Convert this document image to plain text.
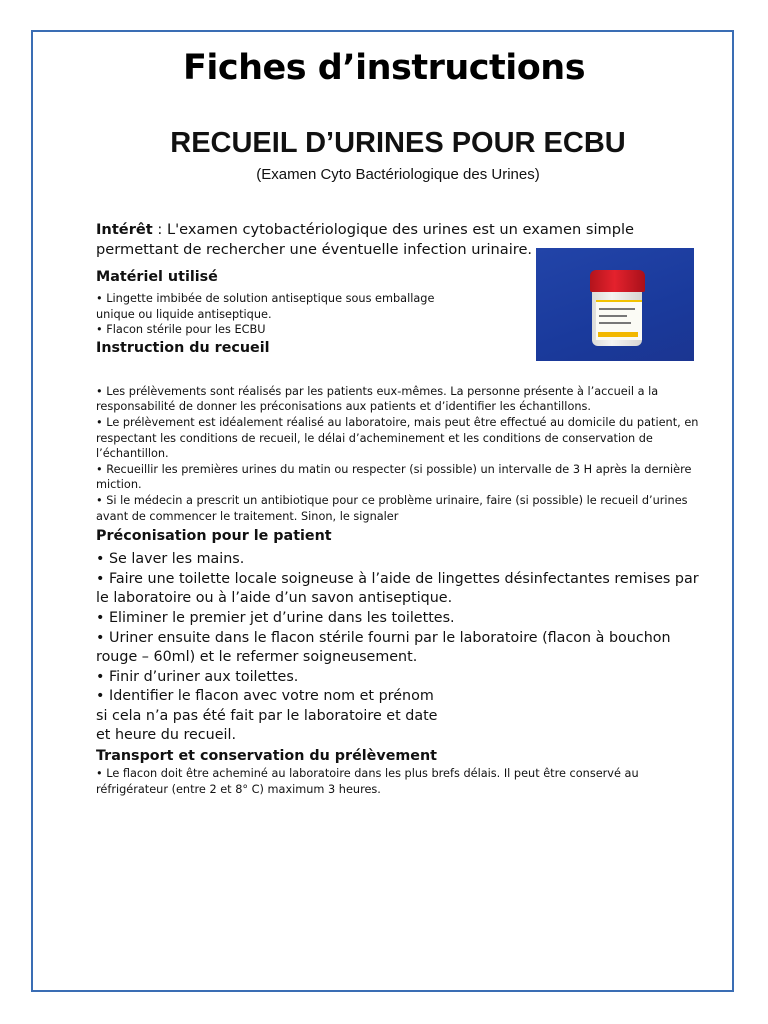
Fiches d’instructions
RECUEIL D’URINES POUR ECBU
(Examen Cyto Bactériologique des Urines)

Intérêt : L'examen cytobactériologique des urines est un examen simple permettant de rechercher une éventuelle infection urinaire.

Matériel utilisé

• Lingette imbibée de solution antiseptique sous emballage unique ou liquide antiseptique.

• Flacon stérile pour les ECBU

Instruction du recueil

• Les prélèvements sont réalisés par les patients eux-mêmes. La personne présente à l’accueil a la responsabilité de donner les préconisations aux patients et d’identifier les échantillons.

• Le prélèvement est idéalement réalisé au laboratoire, mais peut être effectué au domicile du patient, en respectant les conditions de recueil, le délai d’acheminement et les conditions de conservation de l’échantillon.

• Recueillir les premières urines du matin ou respecter (si possible) un intervalle de 3 H après la dernière miction.

• Si le médecin a prescrit un antibiotique pour ce problème urinaire, faire (si possible) le recueil d’urines avant de commencer le traitement. Sinon, le signaler

Préconisation pour le patient

• Se laver les mains.

• Faire une toilette locale soigneuse à l’aide de lingettes désinfectantes remises par le laboratoire ou à l’aide d’un savon antiseptique.

• Eliminer le premier jet d’urine dans les toilettes.

• Uriner ensuite dans le flacon stérile fourni par le laboratoire (flacon à bouchon rouge – 60ml) et le refermer soigneusement.

• Finir d’uriner aux toilettes.

• Identifier le flacon avec votre nom et prénom si cela n’a pas été fait par le laboratoire et date et heure du recueil.

Transport et conservation du prélèvement

• Le flacon doit être acheminé au laboratoire dans les plus brefs délais. Il peut être conservé au réfrigérateur (entre 2 et 8° C) maximum 3 heures.
